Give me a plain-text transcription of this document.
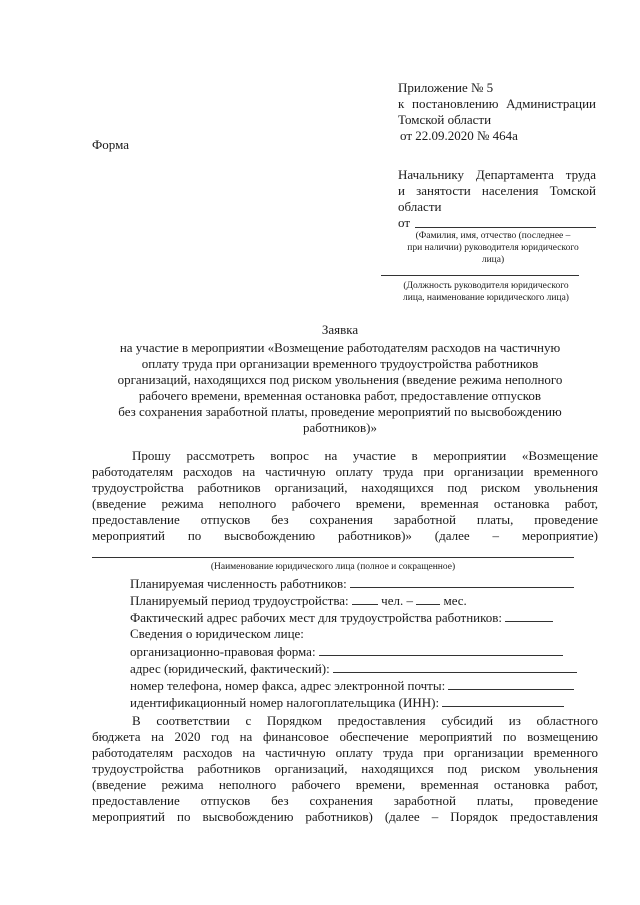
Приложение № 5
к постановлению Администрации
Томской области
от 22.09.2020 № 464а
Форма
Начальнику Департамента труда
и занятости населения Томской
области
от
(Фамилия, имя, отчество (последнее –
при наличии) руководителя юридического
лица)
(Должность руководителя юридического
лица, наименование юридического лица)
Заявка
на участие в мероприятии «Возмещение работодателям расходов на частичную
оплату труда при организации временного трудоустройства работников
организаций, находящихся под риском увольнения (введение режима неполного
рабочего времени, временная остановка работ, предоставление отпусков
без сохранения заработной платы, проведение мероприятий по высвобождению
работников)»
Прошу рассмотреть вопрос на участие в мероприятии «Возмещение
работодателям расходов на частичную оплату труда при организации временного
трудоустройства работников организаций, находящихся под риском увольнения
(введение режима неполного рабочего времени, временная остановка работ,
предоставление отпусков без сохранения заработной платы, проведение
мероприятий по высвобождению работников)» (далее – мероприятие)
(Наименование юридического лица (полное и сокращенное)
Планируемая численность работников:
Планируемый период трудоустройства:	чел. – мес.
Фактический адрес рабочих мест для трудоустройства работников:
Сведения о юридическом лице:
организационно-правовая форма:
адрес (юридический, фактический):
номер телефона, номер факса, адрес электронной почты:
идентификационный номер налогоплательщика (ИНН):
В соответствии с Порядком предоставления субсидий из областного
бюджета на 2020 год на финансовое обеспечение мероприятий по возмещению
работодателям расходов на частичную оплату труда при организации временного
трудоустройства работников организаций, находящихся под риском увольнения
(введение режима неполного рабочего времени, временная остановка работ,
предоставление отпусков без сохранения заработной платы, проведение
мероприятий по высвобождению работников) (далее – Порядок предоставления
